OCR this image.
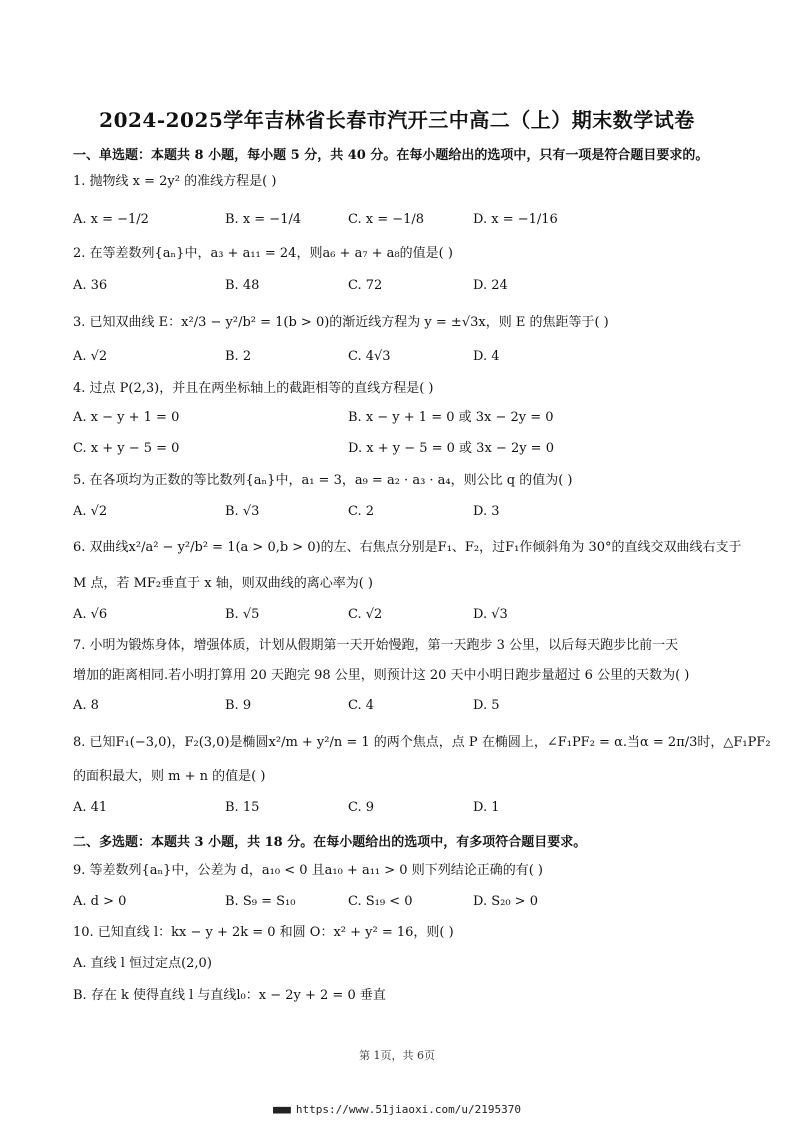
2024-2025学年吉林省长春市汽开三中高二（上）期末数学试卷
一、单选题：本题共 8 小题，每小题 5 分，共 40 分。在每小题给出的选项中，只有一项是符合题目要求的。
1. 抛物线 x = 2y² 的准线方程是( )
A. x = −1/2	B. x = −1/4	C. x = −1/8	D. x = −1/16
2. 在等差数列{aₙ}中，a₃ + a₁₁ = 24，则a₆ + a₇ + a₈的值是( )
A. 36	B. 48	C. 72	D. 24
3. 已知双曲线 E：x²/3 − y²/b² = 1(b > 0)的渐近线方程为 y = ±√3x，则 E 的焦距等于( )
A. √2	B. 2	C. 4√3	D. 4
4. 过点 P(2,3)，并且在两坐标轴上的截距相等的直线方程是( )
A. x − y + 1 = 0	B. x − y + 1 = 0 或 3x − 2y = 0
C. x + y − 5 = 0	D. x + y − 5 = 0 或 3x − 2y = 0
5. 在各项均为正数的等比数列{aₙ}中，a₁ = 3，a₉ = a₂ · a₃ · a₄，则公比 q 的值为( )
A. √2	B. √3	C. 2	D. 3
6. 双曲线x²/a² − y²/b² = 1(a > 0,b > 0)的左、右焦点分别是F₁、F₂，过F₁作倾斜角为 30°的直线交双曲线右支于
M 点，若 MF₂垂直于 x 轴，则双曲线的离心率为( )
A. √6	B. √5	C. √2	D. √3
7. 小明为锻炼身体，增强体质，计划从假期第一天开始慢跑，第一天跑步 3 公里，以后每天跑步比前一天
增加的距离相同.若小明打算用 20 天跑完 98 公里，则预计这 20 天中小明日跑步量超过 6 公里的天数为( )
A. 8	B. 9	C. 4	D. 5
8. 已知F₁(−3,0)，F₂(3,0)是椭圆x²/m + y²/n = 1 的两个焦点，点 P 在椭圆上，∠F₁PF₂ = α.当α = 2π/3时，△F₁PF₂
的面积最大，则 m + n 的值是( )
A. 41	B. 15	C. 9	D. 1
二、多选题：本题共 3 小题，共 18 分。在每小题给出的选项中，有多项符合题目要求。
9. 等差数列{aₙ}中，公差为 d，a₁₀ < 0 且a₁₀ + a₁₁ > 0 则下列结论正确的有( )
A. d > 0	B. S₉ = S₁₀	C. S₁₉ < 0	D. S₂₀ > 0
10. 已知直线 l：kx − y + 2k = 0 和圆 O：x² + y² = 16，则( )
A. 直线 l 恒过定点(2,0)
B. 存在 k 使得直线 l 与直线l₀：x − 2y + 2 = 0 垂直
第 1页，共 6页
■■■ https://www.51jiaoxi.com/u/2195370
